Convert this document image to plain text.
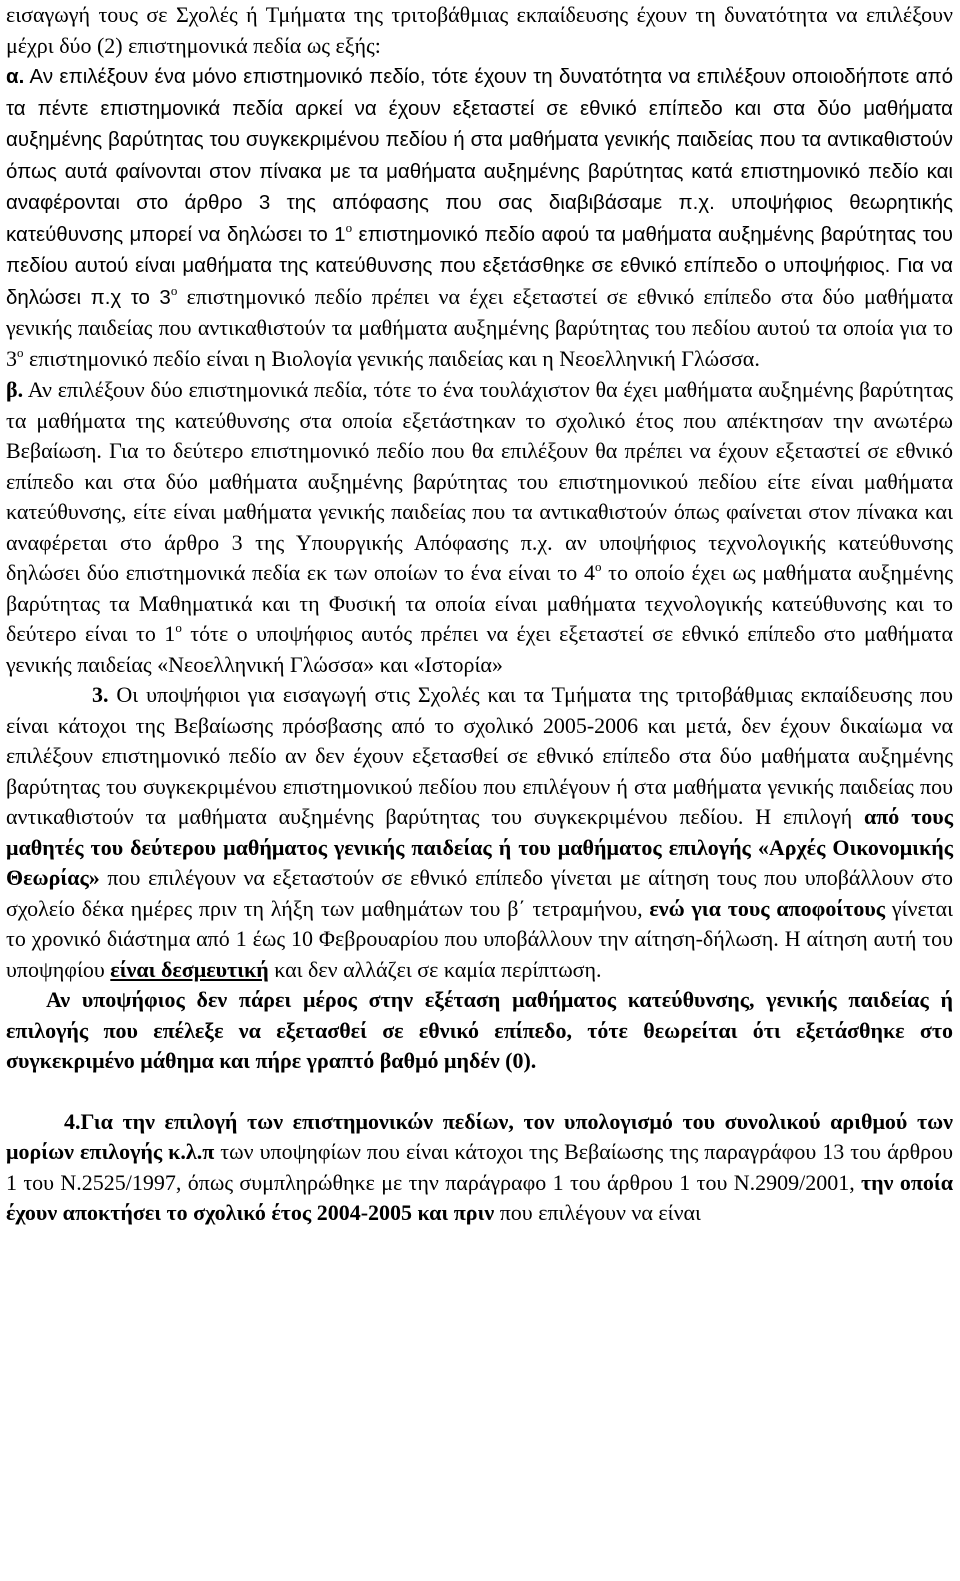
εισαγωγή τους σε Σχολές ή Τμήματα της τριτοβάθμιας εκπαίδευσης έχουν τη δυνατότητα να επιλέξουν μέχρι δύο (2) επιστημονικά πεδία ως εξής:
α. Αν επιλέξουν ένα μόνο επιστημονικό πεδίο, τότε έχουν τη δυνατότητα να επιλέξουν οποιοδήποτε από τα πέντε επιστημονικά πεδία αρκεί να έχουν εξεταστεί σε εθνικό επίπεδο και στα δύο μαθήματα αυξημένης βαρύτητας του συγκεκριμένου πεδίου ή στα μαθήματα γενικής παιδείας που τα αντικαθιστούν όπως αυτά φαίνονται στον πίνακα με τα μαθήματα αυξημένης βαρύτητας κατά επιστημονικό πεδίο και αναφέρονται στο άρθρο 3 της απόφασης που σας διαβιβάσαμε π.χ. υποψήφιος θεωρητικής κατεύθυνσης μπορεί να δηλώσει το $1^o$ επιστημονικό πεδίο αφού τα μαθήματα αυξημένης βαρύτητας του πεδίου αυτού είναι μαθήματα της κατεύθυνσης που εξετάσθηκε σε εθνικό επίπεδο ο υποψήφιος. Για να δηλώσει π.χ το $3^o$ επιστημονικό πεδίο πρέπει να έχει εξεταστεί σε εθνικό επίπεδο στα δύο μαθήματα γενικής παιδείας που αντικαθιστούν τα μαθήματα αυξημένης βαρύτητας του πεδίου αυτού τα οποία για το $3^o$ επιστημονικό πεδίο είναι η Βιολογία γενικής παιδείας και η Νεοελληνική Γλώσσα.

β. Αν επιλέξουν δύο επιστημονικά πεδία, τότε το ένα τουλάχιστον θα έχει μαθήματα αυξημένης βαρύτητας τα μαθήματα της κατεύθυνσης στα οποία εξετάστηκαν το σχολικό έτος που απέκτησαν την ανωτέρω Βεβαίωση. Για το δεύτερο επιστημονικό πεδίο που θα επιλέξουν θα πρέπει να έχουν εξεταστεί σε εθνικό επίπεδο και στα δύο μαθήματα αυξημένης βαρύτητας του επιστημονικού πεδίου είτε είναι μαθήματα κατεύθυνσης, είτε είναι μαθήματα γενικής παιδείας που τα αντικαθιστούν όπως φαίνεται στον πίνακα και αναφέρεται στο άρθρο 3 της Υπουργικής Απόφασης π.χ. αν υποψήφιος τεχνολογικής κατεύθυνσης δηλώσει δύο επιστημονικά πεδία εκ των οποίων το ένα είναι το $4^o$ το οποίο έχει ως μαθήματα αυξημένης βαρύτητας τα Μαθηματικά και τη Φυσική τα οποία είναι μαθήματα τεχνολογικής κατεύθυνσης και το δεύτερο είναι το $1^o$ τότε ο υποψήφιος αυτός πρέπει να έχει εξεταστεί σε εθνικό επίπεδο στο μαθήματα γενικής παιδείας «Νεοελληνική Γλώσσα» και «Ιστορία»

3. Οι υποψήφιοι για εισαγωγή στις Σχολές και τα Τμήματα της τριτοβάθμιας εκπαίδευσης που είναι κάτοχοι της Βεβαίωσης πρόσβασης από το σχολικό 2005-2006 και μετά, δεν έχουν δικαίωμα να επιλέξουν επιστημονικό πεδίο αν δεν έχουν εξετασθεί σε εθνικό επίπεδο στα δύο μαθήματα αυξημένης βαρύτητας του συγκεκριμένου επιστημονικού πεδίου που επιλέγουν ή στα μαθήματα γενικής παιδείας που αντικαθιστούν τα μαθήματα αυξημένης βαρύτητας του συγκεκριμένου πεδίου. Η επιλογή από τους μαθητές του δεύτερου μαθήματος γενικής παιδείας ή του μαθήματος επιλογής «Αρχές Οικονομικής Θεωρίας» που επιλέγουν να εξεταστούν σε εθνικό επίπεδο γίνεται με αίτηση τους που υποβάλλουν στο σχολείο δέκα ημέρες πριν τη λήξη των μαθημάτων του β΄ τετραμήνου, ενώ για τους αποφοίτους γίνεται το χρονικό διάστημα από 1 έως 10 Φεβρουαρίου που υποβάλλουν την αίτηση-δήλωση. Η αίτηση αυτή του υποψηφίου είναι δεσμευτική και δεν αλλάζει σε καμία περίπτωση.

Αν υποψήφιος δεν πάρει μέρος στην εξέταση μαθήματος κατεύθυνσης, γενικής παιδείας ή επιλογής που επέλεξε να εξετασθεί σε εθνικό επίπεδο, τότε θεωρείται ότι εξετάσθηκε στο συγκεκριμένο μάθημα και πήρε γραπτό βαθμό μηδέν (0).

4.Για την επιλογή των επιστημονικών πεδίων, τον υπολογισμό του συνολικού αριθμού των μορίων επιλογής κ.λ.π των υποψηφίων που είναι κάτοχοι της Βεβαίωσης της παραγράφου 13 του άρθρου 1 του Ν.2525/1997, όπως συμπληρώθηκε με την παράγραφο 1 του άρθρου 1 του Ν.2909/2001, την οποία έχουν αποκτήσει το σχολικό έτος 2004-2005 και πριν που επιλέγουν να είναι
